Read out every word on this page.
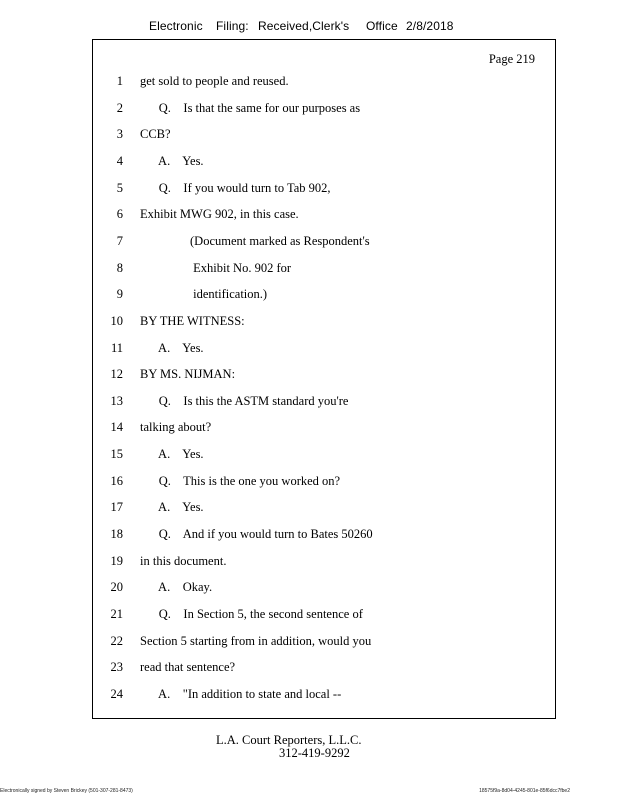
Electronic Filing: Received,Clerk's Office 2/8/2018
Page 219
1 get sold to people and reused.
2 Q.    Is that the same for our purposes as
3 CCB?
4 A.    Yes.
5 Q.    If you would turn to Tab 902,
6 Exhibit MWG 902, in this case.
7 (Document marked as Respondent's
8 Exhibit No. 902 for
9 identification.)
10 BY THE WITNESS:
11 A.    Yes.
12 BY MS. NIJMAN:
13 Q.    Is this the ASTM standard you're
14 talking about?
15 A.    Yes.
16 Q.    This is the one you worked on?
17 A.    Yes.
18 Q.    And if you would turn to Bates 50260
19 in this document.
20 A.    Okay.
21 Q.    In Section 5, the second sentence of
22 Section 5 starting from in addition, would you
23 read that sentence?
24 A.    "In addition to state and local --
L.A. Court Reporters, L.L.C.
312-419-9292
Electronically signed by Steven Brickey (501-307-281-8473)	18575f9a-8d04-4245-801e-85f6dcc7fbe2
